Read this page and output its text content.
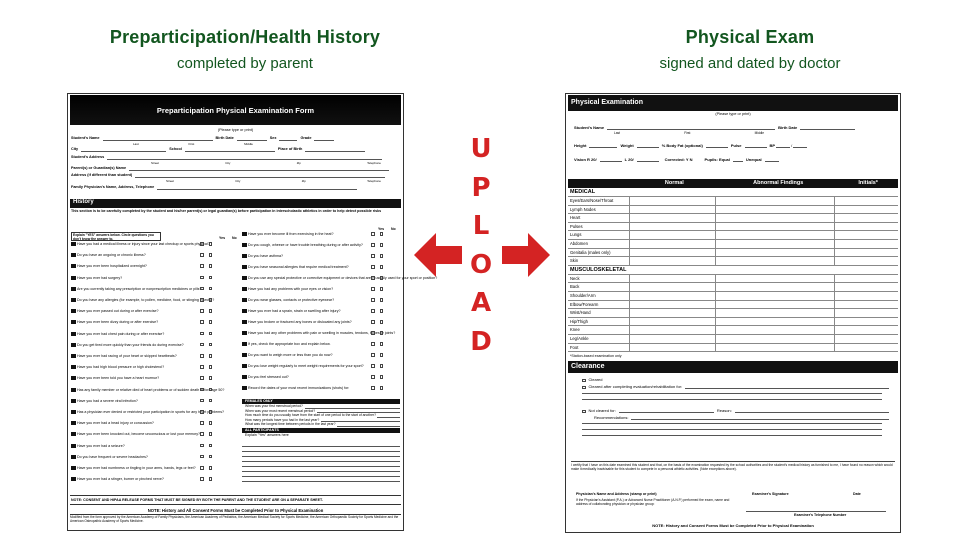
Preparticipation/Health History
completed by parent
Physical Exam
signed and dated by doctor
U
P
L
O
A
D
Preparticipation Physical Examination Form
(Please type or print)
Student's Name	Birth Date	Sex	Grade
Last	First	Middle
City	School	Place of Birth
Student's Address
Street	City	Zip	Telephone
Parent(s) or Guardian(s) Name
Address (if different than student)
Street	City	Zip	Telephone
Family Physician's Name, Address, Telephone
History
This section is to be carefully completed by the student and his/her parent(s) or legal guardian(s) before participation in interscholastic athletics in order to help detect possible risks
Explain "YES" answers below. Circle questions you don't know the answer to.	Yes No
Yes No
Have you had a medical illness or injury since your last checkup or sports physical?
Do you have an ongoing or chronic illness?
Have you ever been hospitalized overnight?
Have you ever had surgery?
Are you currently taking any prescription or nonprescription medicines or pills?
Do you have any allergies (for example, to pollen, medicine, food, or stinging insects)?
Have you ever passed out during or after exercise?
Have you ever been dizzy during or after exercise?
Have you ever had chest pain during or after exercise?
Do you get tired more quickly than your friends do during exercise?
Have you ever had racing of your heart or skipped heartbeats?
Have you had high blood pressure or high cholesterol?
Have you ever been told you have a heart murmur?
Has any family member or relative died of heart problems or of sudden death before age 50?
Have you had a severe viral infection?
Has a physician ever denied or restricted your participation in sports for any heart problems?
Have you ever had a head injury or concussion?
Have you ever been knocked out, become unconscious or lost your memory?
Have you ever had a seizure?
Do you have frequent or severe headaches?
Have you ever had numbness or tingling in your arms, hands, legs or feet?
Have you ever had a stinger, burner or pinched nerve?
Have you ever become ill from exercising in the heat?
Do you cough, wheeze or have trouble breathing during or after activity?
Do you have asthma?
Do you have seasonal allergies that require medical treatment?
Do you use any special protective or corrective equipment or devices that aren't usually used for your sport or position?
Have you had any problems with your eyes or vision?
Do you wear glasses, contacts or protective eyewear?
Have you ever had a sprain, strain or swelling after injury?
Have you broken or fractured any bones or dislocated any joints?
Have you had any other problems with pain or swelling in muscles, tendons, bones or joints?
If yes, check the appropriate box and explain below.
Do you want to weigh more or less than you do now?
Do you lose weight regularly to meet weight requirements for your sport?
Do you feel stressed out?
Record the dates of your most recent immunizations (shots) for:
FEMALES ONLY
When was your first menstrual period?
When was your most recent menstrual period?
How much time do you usually have from the start of one period to the start of another?
How many periods have you had in the last year?
What was the longest time between periods in the last year?
ALL PARTICIPANTS
Explain "Yes" answers here
NOTE: CONSENT AND HIPAA RELEASE FORMS THAT MUST BE SIGNED BY BOTH THE PARENT AND THE STUDENT ARE ON A SEPARATE SHEET.
NOTE: History and All Consent Forms Must be Completed Prior to Physical Examination
Modified from the form approved by the American Academy of Family Physicians, the American Academy of Pediatrics, the American Medical Society for Sports Medicine, the American Orthopaedic Society for Sports Medicine and the American Osteopathic Academy of Sports Medicine.
Physical Examination
(Please type or print)
Student's Name	Birth Date
Last	First	Middle
Height	Weight	% Body Fat (optional)	Pulse	BP	/
Vision R 20/	L 20/	Corrected: Y N	Pupils: Equal	Unequal
Normal	Abnormal Findings	Initials*
MEDICAL
Eyes/Ears/Nose/Throat
Lymph Nodes
Heart
Pulses
Lungs
Abdomen
Genitalia (males only)
Skin
MUSCULOSKELETAL
Neck
Back
Shoulder/Arm
Elbow/Forearm
Wrist/Hand
Hip/Thigh
Knee
Leg/Ankle
Foot
*Station-based examination only
Clearance
Cleared
Cleared after completing evaluation/rehabilitation for:
Not cleared for:	Reason:
Recommendations:
I certify that I have on this date examined this student and that, on the basis of the examination requested by the school authorities and the student's medical history as furnished to me, I have found no reason which would make it medically inadvisable for this student to compete in a personal athletic activities. (Note exceptions above).
Physician's Name and Address (stamp or print)	Examiner's Signature	Date
If the Physician's Assistant (P.A.) or Advanced Nurse Practitioner (A.N.P.) performed the exam, name and address of collaborating physician or physician group:
Examiner's Telephone Number
NOTE: History and Consent Forms Must be Completed Prior to Physical Examination
